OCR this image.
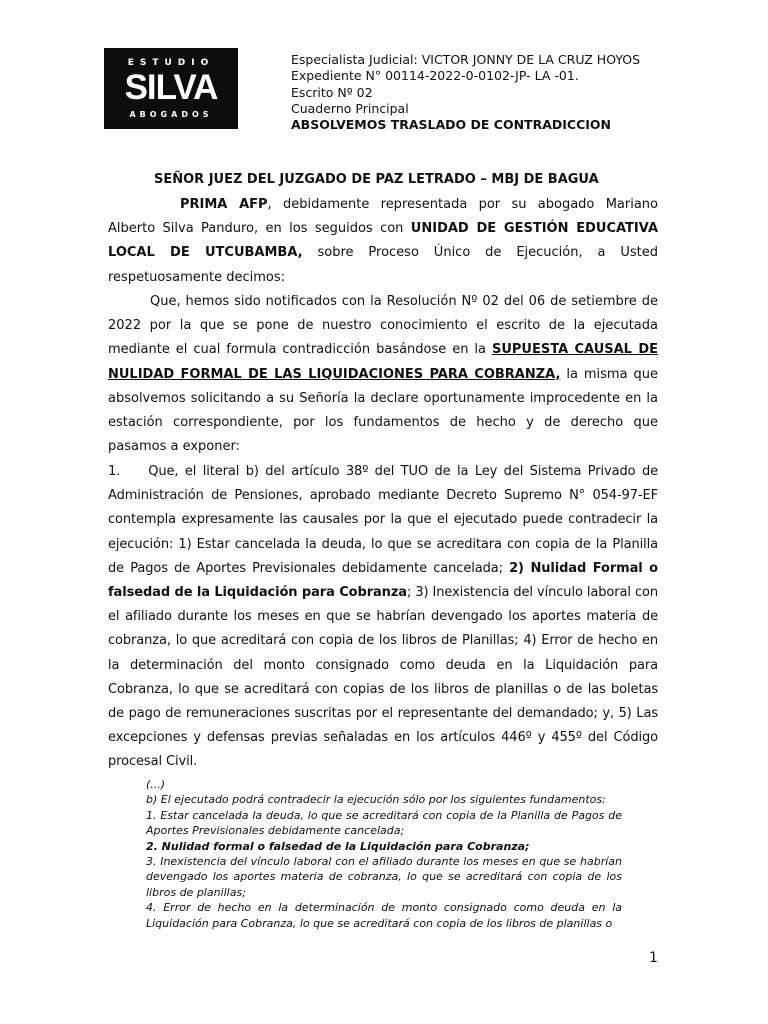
ESTUDIO
SILVA
ABOGADOS
Especialista Judicial: VICTOR JONNY DE LA CRUZ HOYOS
Expediente N° 00114-2022-0-0102-JP- LA -01.
Escrito Nº 02
Cuaderno Principal
ABSOLVEMOS TRASLADO DE CONTRADICCION
SEÑOR JUEZ DEL JUZGADO DE PAZ LETRADO – MBJ DE BAGUA
PRIMA AFP, debidamente representada por su abogado Mariano Alberto Silva Panduro, en los seguidos con UNIDAD DE GESTIÓN EDUCATIVA LOCAL DE UTCUBAMBA, sobre Proceso Único de Ejecución, a Usted respetuosamente decimos:
Que, hemos sido notificados con la Resolución Nº 02 del 06 de setiembre de 2022 por la que se pone de nuestro conocimiento el escrito de la ejecutada mediante el cual formula contradicción basándose en la SUPUESTA CAUSAL DE NULIDAD FORMAL DE LAS LIQUIDACIONES PARA COBRANZA, la misma que absolvemos solicitando a su Señoría la declare oportunamente improcedente en la estación correspondiente, por los fundamentos de hecho y de derecho que pasamos a exponer:
1. Que, el literal b) del artículo 38º del TUO de la Ley del Sistema Privado de Administración de Pensiones, aprobado mediante Decreto Supremo N° 054-97-EF contempla expresamente las causales por la que el ejecutado puede contradecir la ejecución: 1) Estar cancelada la deuda, lo que se acreditara con copia de la Planilla de Pagos de Aportes Previsionales debidamente cancelada; 2) Nulidad Formal o falsedad de la Liquidación para Cobranza; 3) Inexistencia del vínculo laboral con el afiliado durante los meses en que se habrían devengado los aportes materia de cobranza, lo que acreditará con copia de los libros de Planillas; 4) Error de hecho en la determinación del monto consignado como deuda en la Liquidación para Cobranza, lo que se acreditará con copias de los libros de planillas o de las boletas de pago de remuneraciones suscritas por el representante del demandado; y, 5) Las excepciones y defensas previas señaladas en los artículos 446º y 455º del Código procesal Civil.
(...)
b) El ejecutado podrá contradecir la ejecución sólo por los siguientes fundamentos:
1. Estar cancelada la deuda, lo que se acreditará con copia de la Planilla de Pagos de Aportes Previsionales debidamente cancelada;
2. Nulidad formal o falsedad de la Liquidación para Cobranza;
3. Inexistencia del vínculo laboral con el afiliado durante los meses en que se habrían devengado los aportes materia de cobranza, lo que se acreditará con copia de los libros de planillas;
4. Error de hecho en la determinación de monto consignado como deuda en la Liquidación para Cobranza, lo que se acreditará con copia de los libros de planillas o
1
